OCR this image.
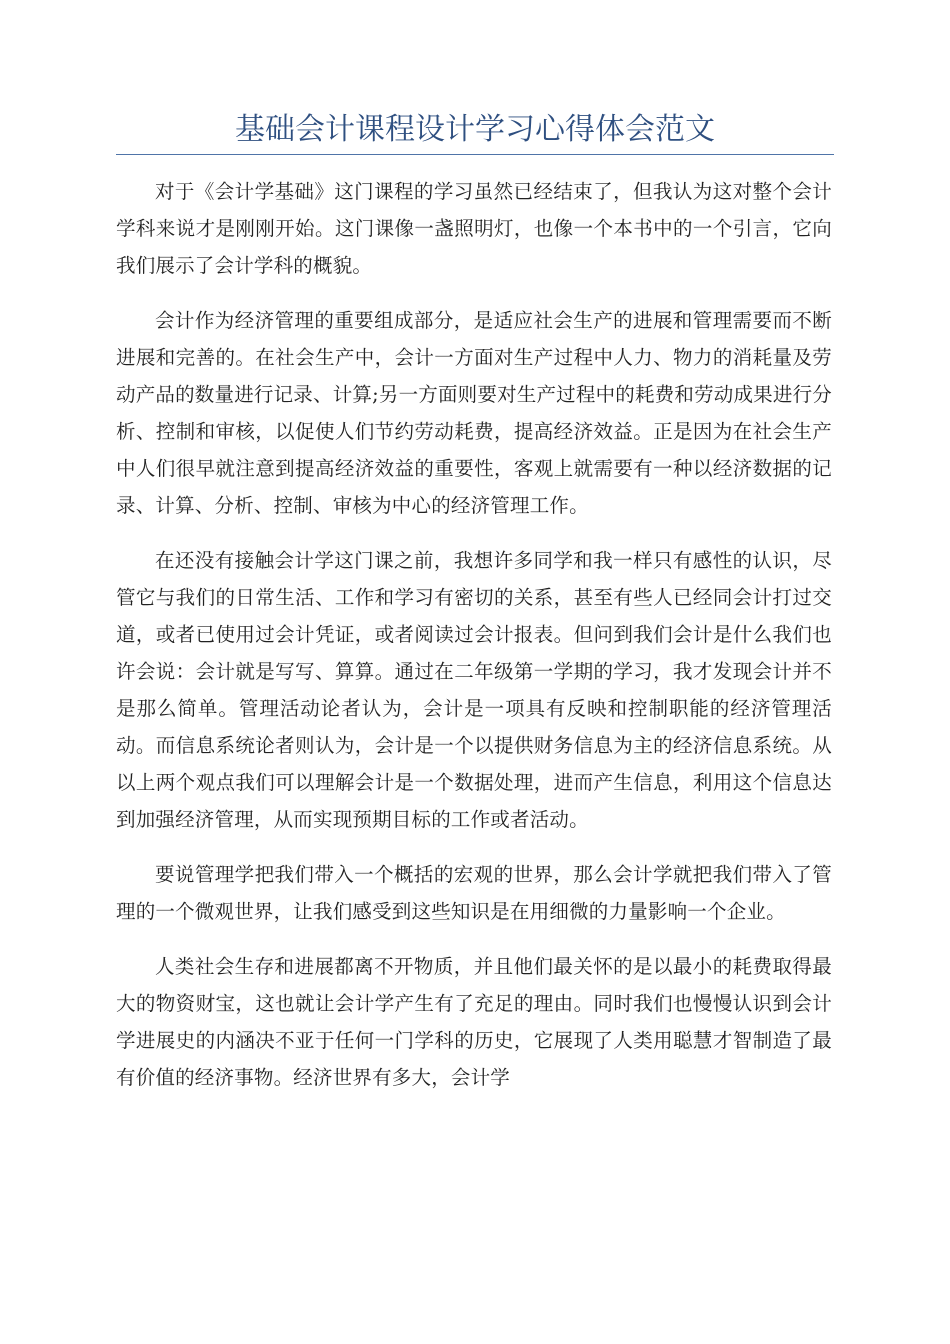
基础会计课程设计学习心得体会范文

对于《会计学基础》这门课程的学习虽然已经结束了，但我认为这对整个会计学科来说才是刚刚开始。这门课像一盏照明灯，也像一个本书中的一个引言，它向我们展示了会计学科的概貌。

会计作为经济管理的重要组成部分，是适应社会生产的进展和管理需要而不断进展和完善的。在社会生产中，会计一方面对生产过程中人力、物力的消耗量及劳动产品的数量进行记录、计算;另一方面则要对生产过程中的耗费和劳动成果进行分析、控制和审核，以促使人们节约劳动耗费，提高经济效益。正是因为在社会生产中人们很早就注意到提高经济效益的重要性，客观上就需要有一种以经济数据的记录、计算、分析、控制、审核为中心的经济管理工作。

在还没有接触会计学这门课之前，我想许多同学和我一样只有感性的认识，尽管它与我们的日常生活、工作和学习有密切的关系，甚至有些人已经同会计打过交道，或者已使用过会计凭证，或者阅读过会计报表。但问到我们会计是什么我们也许会说：会计就是写写、算算。通过在二年级第一学期的学习，我才发现会计并不是那么简单。管理活动论者认为，会计是一项具有反映和控制职能的经济管理活动。而信息系统论者则认为，会计是一个以提供财务信息为主的经济信息系统。从以上两个观点我们可以理解会计是一个数据处理，进而产生信息，利用这个信息达到加强经济管理，从而实现预期目标的工作或者活动。

要说管理学把我们带入一个概括的宏观的世界，那么会计学就把我们带入了管理的一个微观世界，让我们感受到这些知识是在用细微的力量影响一个企业。

人类社会生存和进展都离不开物质，并且他们最关怀的是以最小的耗费取得最大的物资财宝，这也就让会计学产生有了充足的理由。同时我们也慢慢认识到会计学进展史的内涵决不亚于任何一门学科的历史，它展现了人类用聪慧才智制造了最有价值的经济事物。经济世界有多大，会计学
